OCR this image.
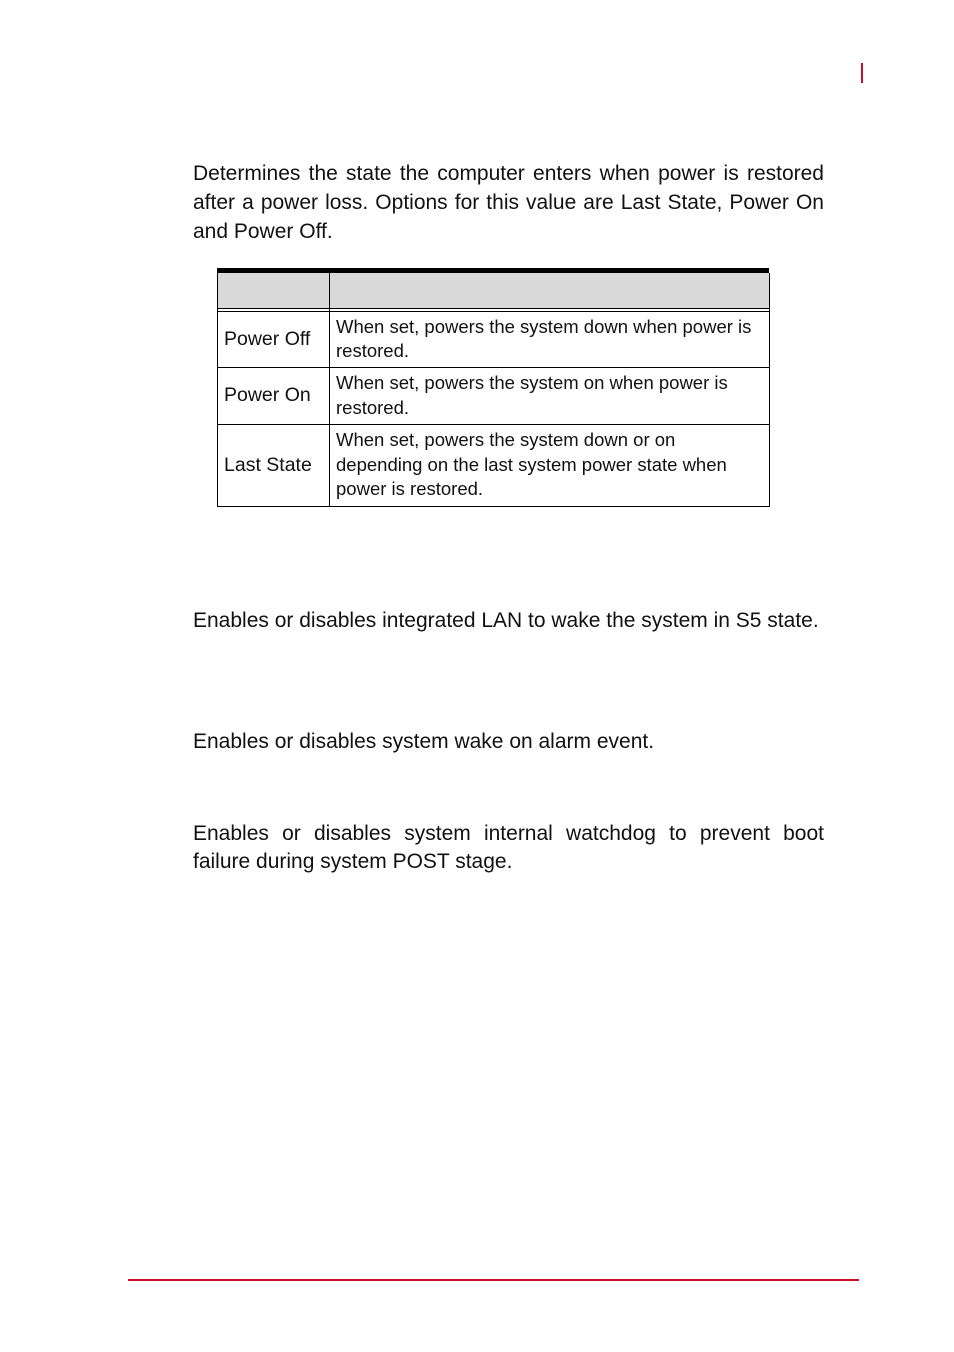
Determines the state the computer enters when power is restored after a power loss. Options for this value are Last State, Power On and Power Off.

Power Off	When set, powers the system down when power is restored.
Power On	When set, powers the system on when power is restored.
Last State	When set, powers the system down or on depending on the last system power state when power is restored.

Enables or disables integrated LAN to wake the system in S5 state.

Enables or disables system wake on alarm event.

Enables or disables system internal watchdog to prevent boot failure during system POST stage.
